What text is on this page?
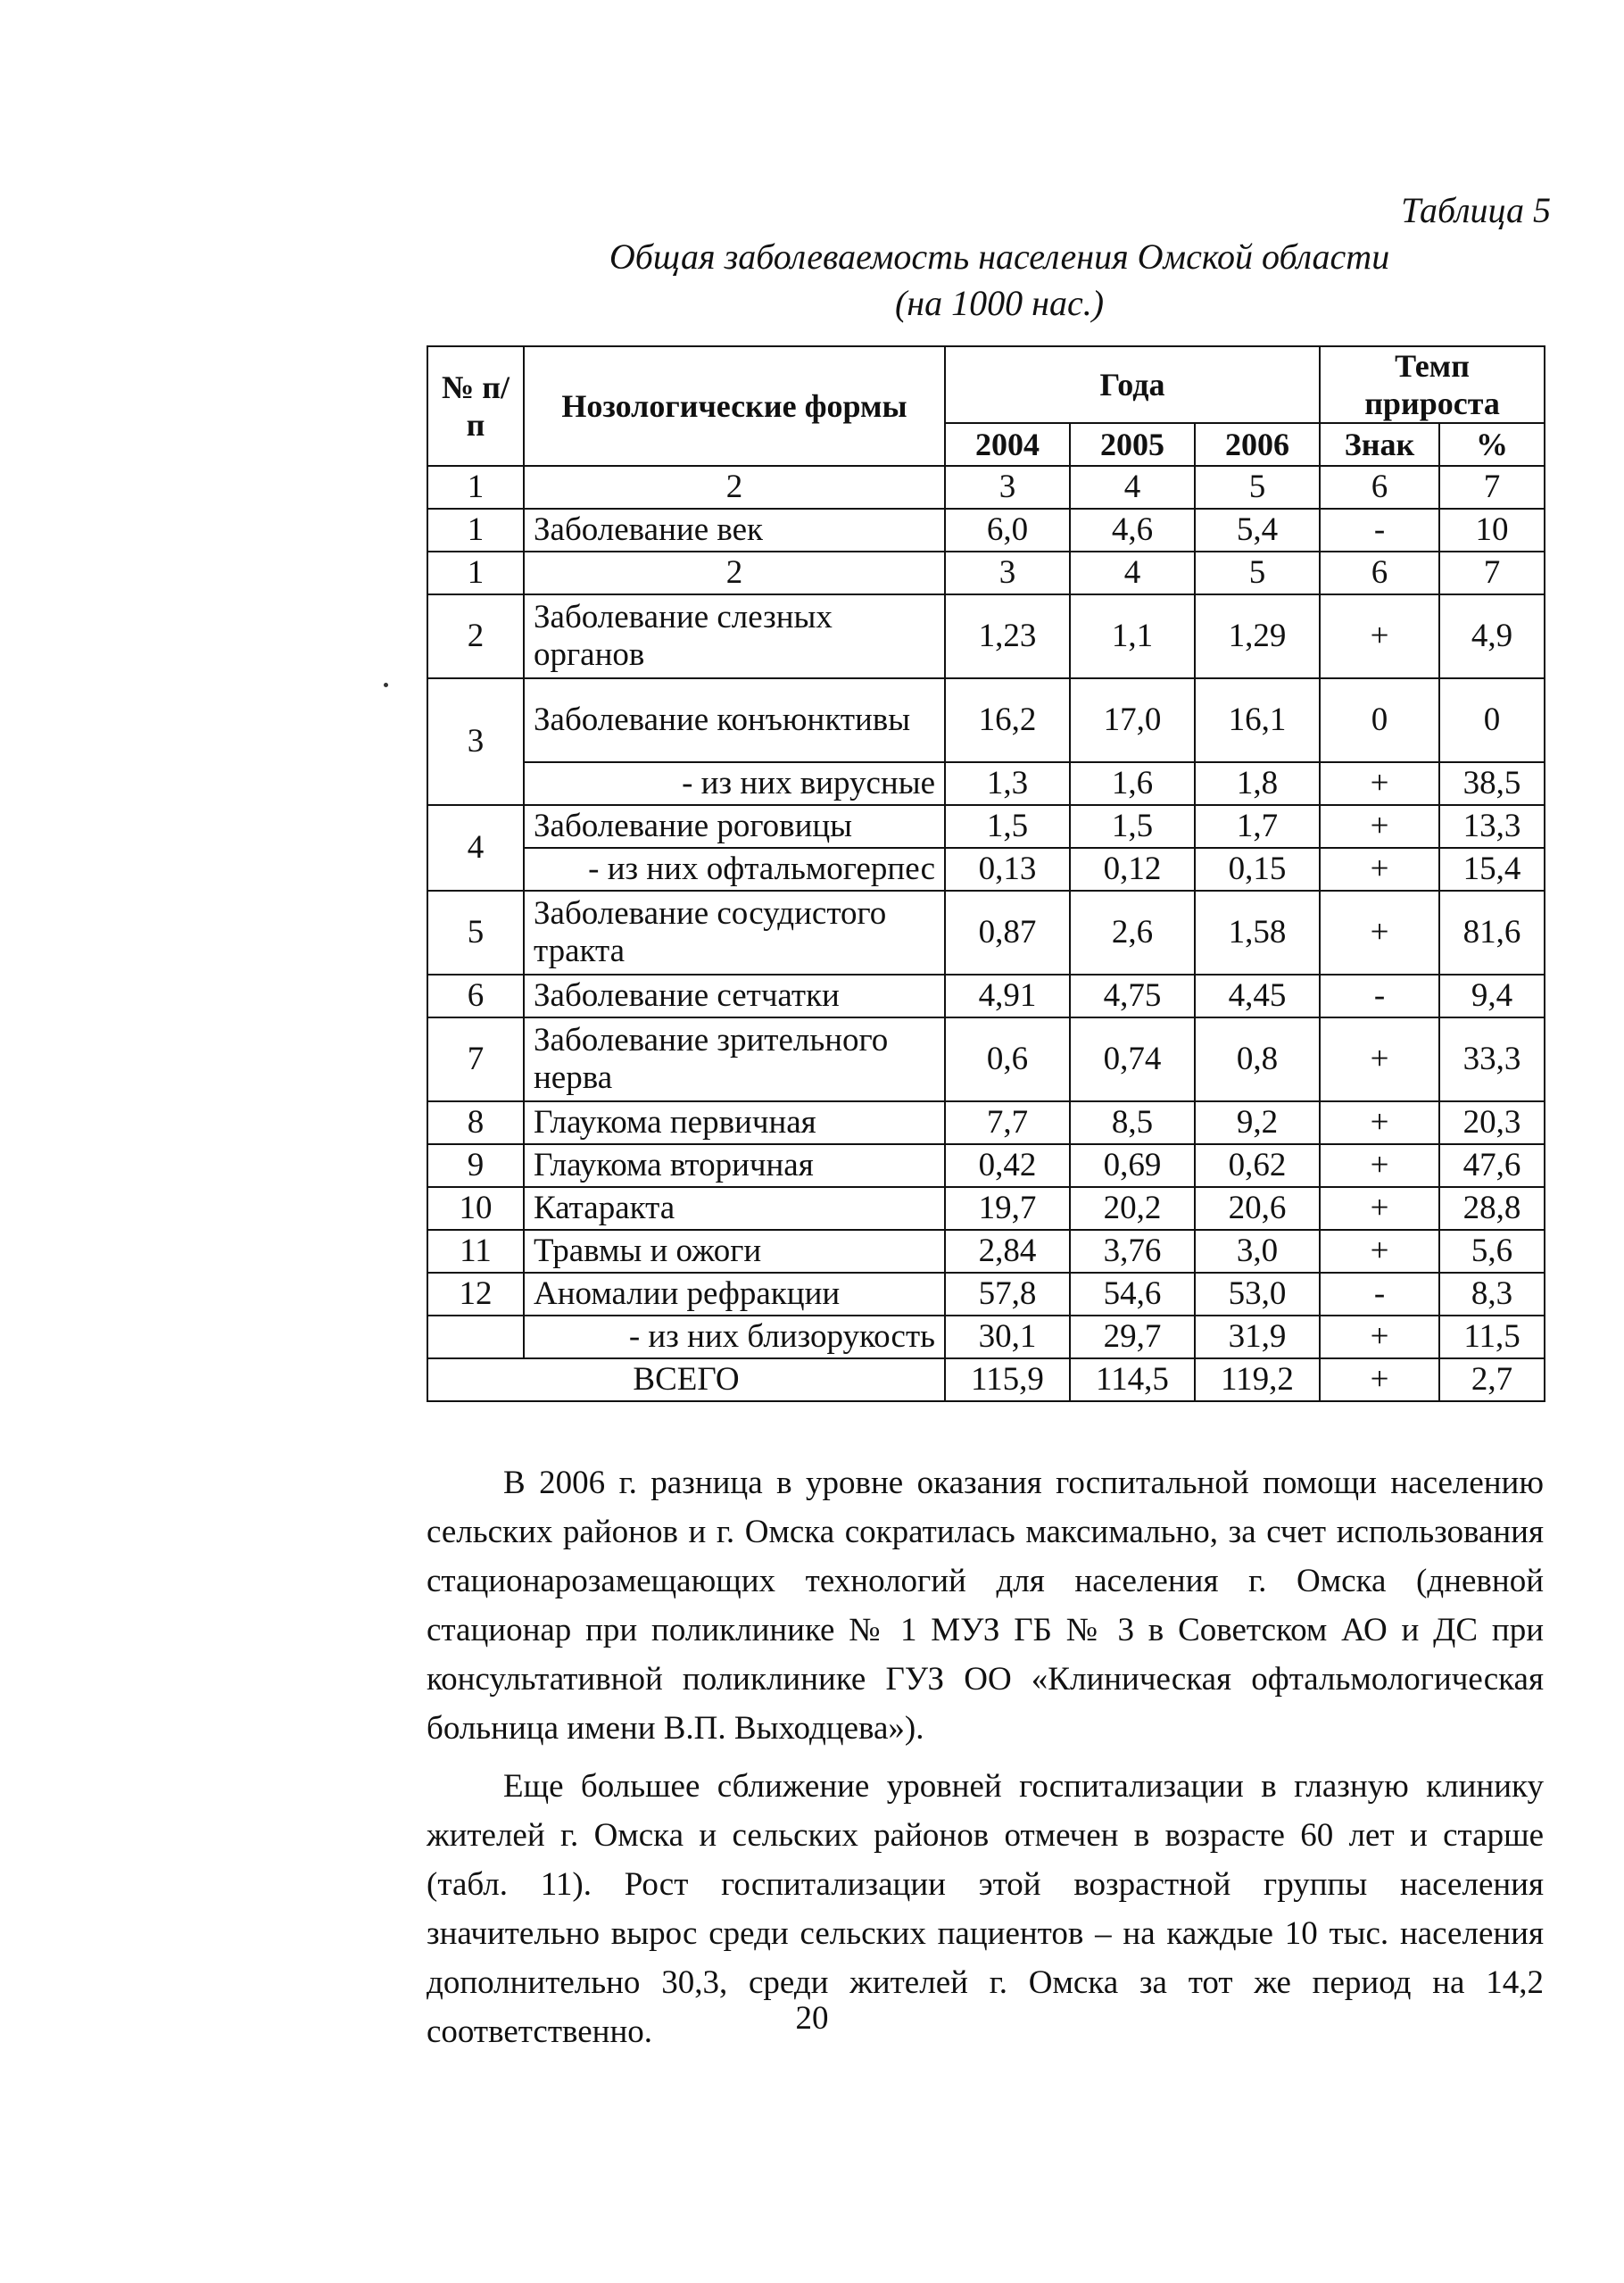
Таблица 5
Общая заболеваемость населения Омской области
(на 1000 нас.)
№ п/п	Нозологические формы	Года			Темп прироста	
		2004	2005	2006	Знак	%
1	2	3	4	5	6	7
1	Заболевание век	6,0	4,6	5,4	-	10
1	2	3	4	5	6	7
2	Заболевание слезных органов	1,23	1,1	1,29	+	4,9
3	Заболевание конъюнктивы	16,2	17,0	16,1	0	0
	- из них вирусные	1,3	1,6	1,8	+	38,5
4	Заболевание роговицы	1,5	1,5	1,7	+	13,3
	- из них офтальмогерпес	0,13	0,12	0,15	+	15,4
5	Заболевание сосудистого тракта	0,87	2,6	1,58	+	81,6
6	Заболевание сетчатки	4,91	4,75	4,45	-	9,4
7	Заболевание зрительного нерва	0,6	0,74	0,8	+	33,3
8	Глаукома первичная	7,7	8,5	9,2	+	20,3
9	Глаукома вторичная	0,42	0,69	0,62	+	47,6
10	Катаракта	19,7	20,2	20,6	+	28,8
11	Травмы и ожоги	2,84	3,76	3,0	+	5,6
12	Аномалии рефракции	57,8	54,6	53,0	-	8,3
	- из них близорукость	30,1	29,7	31,9	+	11,5
ВСЕГО		115,9	114,5	119,2	+	2,7

В 2006 г. разница в уровне оказания госпитальной помощи населению сельских районов и г. Омска сократилась максимально, за счет использования стационарозамещающих технологий для населения г. Омска (дневной стационар при поликлинике № 1 МУЗ ГБ № 3 в Советском АО и ДС при консультативной поликлинике ГУЗ ОО «Клиническая офтальмологическая больница имени В.П. Выходцева»).

Еще большее сближение уровней госпитализации в глазную клинику жителей г. Омска и сельских районов отмечен в возрасте 60 лет и старше (табл. 11). Рост госпитализации этой возрастной группы населения значительно вырос среди сельских пациентов – на каждые 10 тыс. населения дополнительно 30,3, среди жителей г. Омска за тот же период на 14,2 соответственно.	20
